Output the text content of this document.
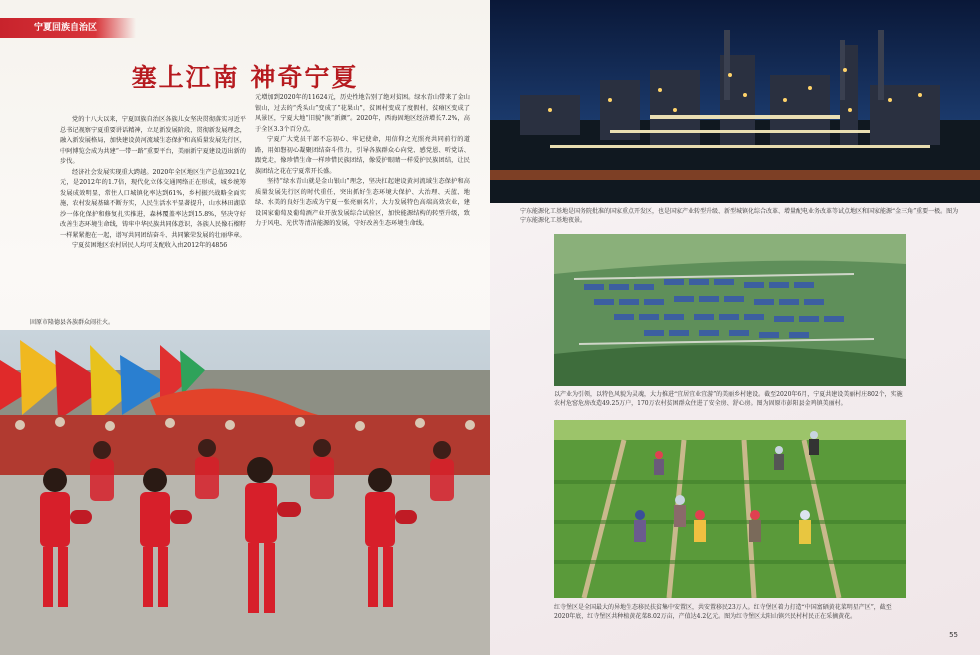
宁夏回族自治区
塞上江南 神奇宁夏

党的十八大以来，宁夏回族自治区各族儿女坚决贯彻落实习近平总书记视察宁夏重要讲话精神，立足新发展阶段，贯彻新发展理念，融入新发展格局，加快建设黄河流域生态保护和高质量发展先行区，中阿博览会成为共建“一带一路”重要平台，美丽新宁夏建设迈出新的步伐。

经济社会发展实现重大跨越。2020年全区地区生产总值3921亿元，是2012年的1.7倍，现代化立体交通网络正在形成，城乡统筹发展成效明显，常住人口城镇化率达到61%，乡村振兴战略全面实施，农村发展基础不断夯实，人民生活水平显著提升，山水林田湖草沙一体化保护和修复扎实推进，森林覆盖率达到15.8%，坚决守好改善生态环境生命线，铸牢中华民族共同体意识，各族人民像石榴籽一样紧紧抱在一起，谱写共同团结奋斗、共同繁荣发展的壮丽华章。

宁夏贫困地区农村居民人均可支配收入由2012年的4856

元增加到2020年的11624元，历史性地告别了绝对贫困。绿水青山带来了金山银山，过去的“秃头山”变成了“花果山”，贫困村变成了度假村，贫瘠区变成了风景区，宁夏大地“旧貌”换“新颜”。2020年，西海固地区经济增长7.2%，高于全区3.3个百分点。

宁夏广大党员干部不忘初心、牢记使命，用信仰之光照亮共同前行的道路，用如磐初心凝聚团结奋斗伟力，引导各族群众心向党、感党恩、听党话、跟党走，像珍惜生命一样珍惜民族团结，像爱护眼睛一样爱护民族团结，让民族团结之花在宁夏常开长盛。

坚持“绿水青山就是金山银山”理念，坚决扛起建设黄河流域生态保护和高质量发展先行区的时代重任，突出抓好生态环境大保护、大治理、天蓝、地绿、水美的良好生态成为宁夏一张亮丽名片，大力发展特色高端高效农业，建设国家葡萄及葡萄酒产业开放发展综合试验区，加快能源结构的转型升级，致力于风电、光伏等清洁能源的发展，守好改善生态环境生命线。

固原市隆德县各族群众闹社火。
宁东能源化工基地是国务院批准的国家重点开发区，也是国家产业转型升级、新型城镇化综合改革、增量配电业务改革等试点地区和国家能源“金三角”重要一极。图为宁东能源化工基地夜景。
以产业为引领，以特色风貌为灵魂，大力推进“宜居宜业宜游”的美丽乡村建设。截至2020年6月，宁夏共建设美丽村庄802个，实施农村危窑危房改造49.25万户，170万农村贫困群众住进了安全房、舒心房。图为固原市彭阳县金鸡镇美丽村。
红寺堡区是全国最大的异地生态移民扶贫集中安置区，共安置移民23万人。红寺堡区着力打造“中国富硒黄花菜明星产区”，截至2020年底，红寺堡区共种植黄花菜8.02万亩，产值达4.2亿元。图为红寺堡区太阳山镇兴民村村民正在采摘黄花。
55
